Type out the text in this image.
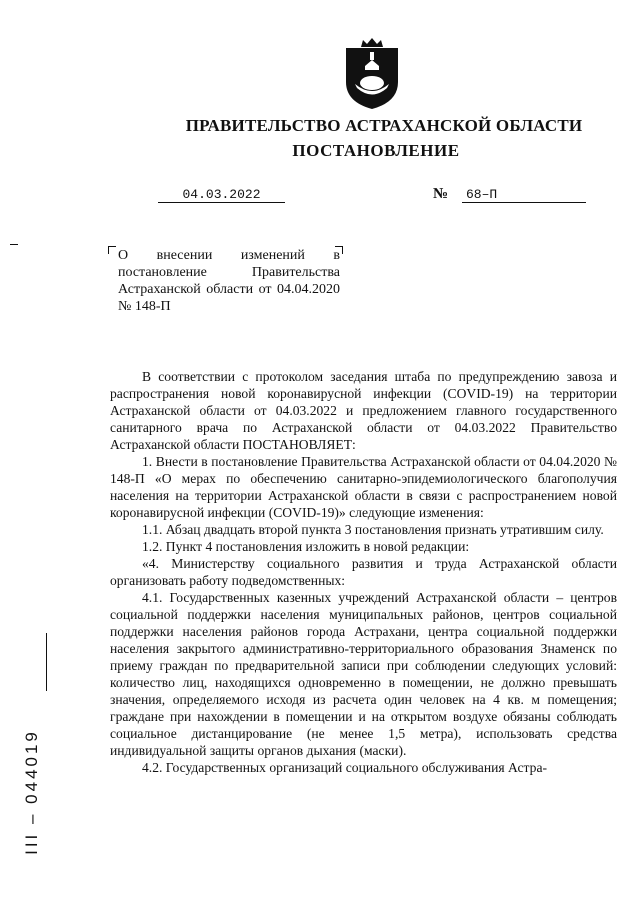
ПРАВИТЕЛЬСТВО АСТРАХАНСКОЙ ОБЛАСТИ
ПОСТАНОВЛЕНИЕ
04.03.2022	№	68–П

О внесении изменений в постановление Правительства Астраханской области от 04.04.2020 № 148-П

В соответствии с протоколом заседания штаба по предупреждению завоза и распространения новой коронавирусной инфекции (COVID-19) на территории Астраханской области от 04.03.2022 и предложением главного государственного санитарного врача по Астраханской области от 04.03.2022 Правительство Астраханской области ПОСТАНОВЛЯЕТ:

1. Внести в постановление Правительства Астраханской области от 04.04.2020 № 148-П «О мерах по обеспечению санитарно-эпидемиологического благополучия населения на территории Астраханской области в связи с распространением новой коронавирусной инфекции (COVID-19)» следующие изменения:

1.1. Абзац двадцать второй пункта 3 постановления признать утратившим силу.

1.2. Пункт 4 постановления изложить в новой редакции:

«4. Министерству социального развития и труда Астраханской области организовать работу подведомственных:

4.1. Государственных казенных учреждений Астраханской области – центров социальной поддержки населения муниципальных районов, центров социальной поддержки населения районов города Астрахани, центра социальной поддержки населения закрытого административно-территориального образования Знаменск по приему граждан по предварительной записи при соблюдении следующих условий: количество лиц, находящихся одновременно в помещении, не должно превышать значения, определяемого исходя из расчета один человек на 4 кв. м помещения; граждане при нахождении в помещении и на открытом воздухе обязаны соблюдать социальное дистанцирование (не менее 1,5 метра), использовать средства индивидуальной защиты органов дыхания (маски).

4.2. Государственных организаций социального обслуживания Астра-

III – 044019
